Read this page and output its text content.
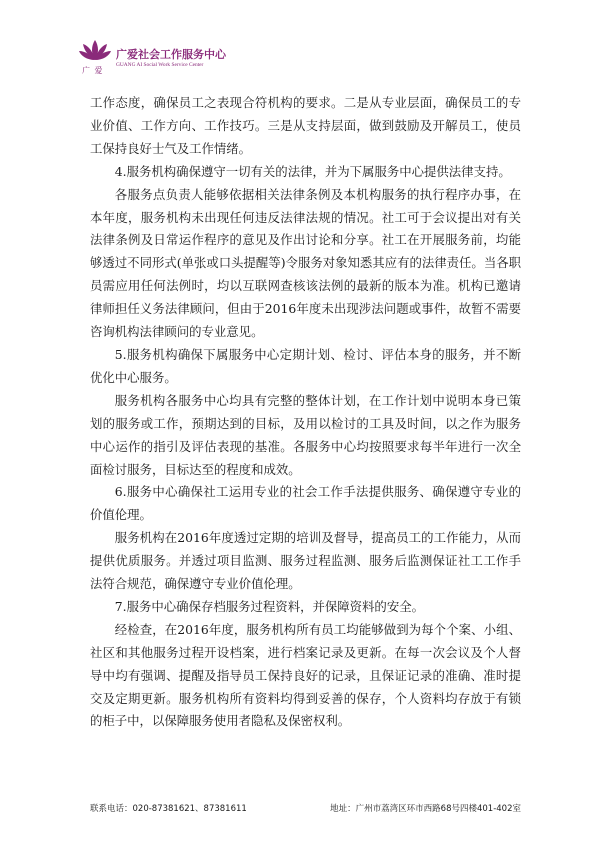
广 爱
广爱社会工作服务中心
GUANG AI Social Work Service Center

工作态度，确保员工之表现合符机构的要求。二是从专业层面，确保员工的专业价值、工作方向、工作技巧。三是从支持层面，做到鼓励及开解员工，使员工保持良好士气及工作情绪。

4.服务机构确保遵守一切有关的法律，并为下属服务中心提供法律支持。

各服务点负责人能够依据相关法律条例及本机构服务的执行程序办事，在本年度，服务机构未出现任何违反法律法规的情况。社工可于会议提出对有关法律条例及日常运作程序的意见及作出讨论和分享。社工在开展服务前，均能够透过不同形式(单张或口头提醒等)令服务对象知悉其应有的法律责任。当各职员需应用任何法例时，均以互联网查核该法例的最新的版本为准。机构已邀请律师担任义务法律顾问，但由于2016年度未出现涉法问题或事件，故暂不需要咨询机构法律顾问的专业意见。

5.服务机构确保下属服务中心定期计划、检讨、评估本身的服务，并不断优化中心服务。

服务机构各服务中心均具有完整的整体计划，在工作计划中说明本身已策划的服务或工作，预期达到的目标，及用以检讨的工具及时间，以之作为服务中心运作的指引及评估表现的基准。各服务中心均按照要求每半年进行一次全面检讨服务，目标达至的程度和成效。

6.服务中心确保社工运用专业的社会工作手法提供服务、确保遵守专业的价值伦理。

服务机构在2016年度透过定期的培训及督导，提高员工的工作能力，从而提供优质服务。并透过项目监测、服务过程监测、服务后监测保证社工工作手法符合规范，确保遵守专业价值伦理。

7.服务中心确保存档服务过程资料，并保障资料的安全。

经检查，在2016年度，服务机构所有员工均能够做到为每个个案、小组、社区和其他服务过程开设档案，进行档案记录及更新。在每一次会议及个人督导中均有强调、提醒及指导员工保持良好的记录，且保证记录的准确、准时提交及定期更新。服务机构所有资料均得到妥善的保存，个人资料均存放于有锁的柜子中，以保障服务使用者隐私及保密权利。

联系电话：020-87381621、87381611	地址：广州市荔湾区环市西路68号四楼401-402室
